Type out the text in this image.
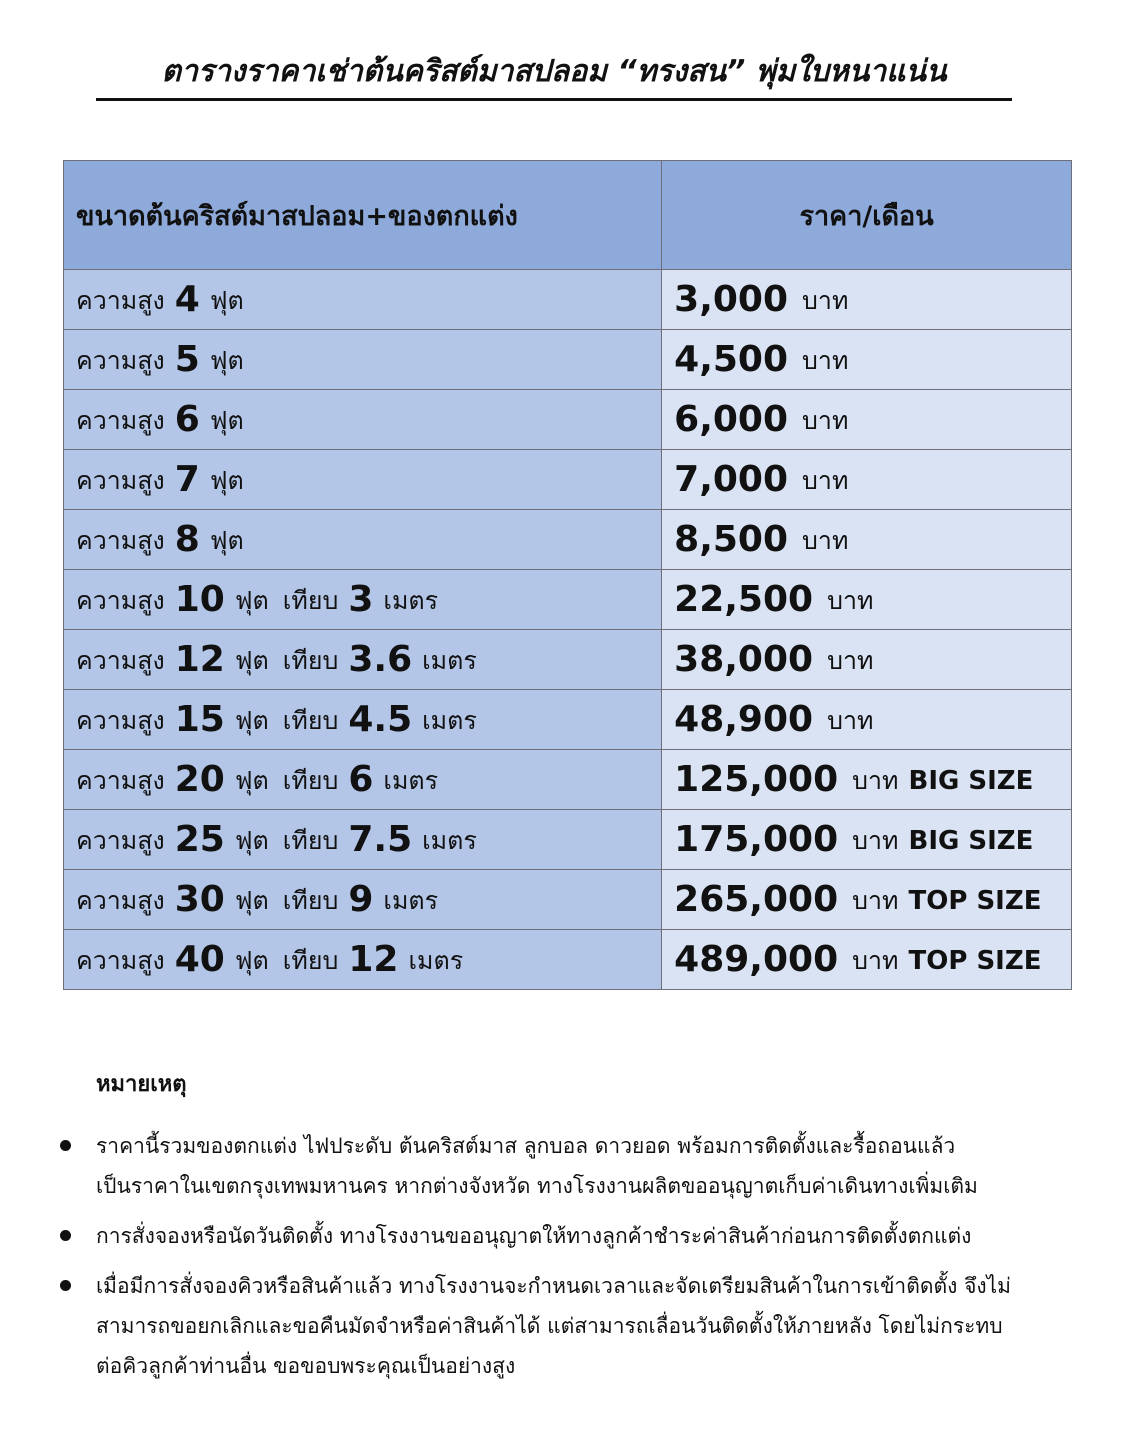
ตารางราคาเช่าต้นคริสต์มาสปลอม “ทรงสน” พุ่มใบหนาแน่น
ขนาดต้นคริสต์มาสปลอม+ของตกแต่ง	ราคา/เดือน
ความสูง 4 ฟุต	3,000 บาท
ความสูง 5 ฟุต	4,500 บาท
ความสูง 6 ฟุต	6,000 บาท
ความสูง 7 ฟุต	7,000 บาท
ความสูง 8 ฟุต	8,500 บาท
ความสูง 10 ฟุต เทียบ 3 เมตร	22,500 บาท
ความสูง 12 ฟุต เทียบ 3.6 เมตร	38,000 บาท
ความสูง 15 ฟุต เทียบ 4.5 เมตร	48,900 บาท
ความสูง 20 ฟุต เทียบ 6 เมตร	125,000 บาท BIG SIZE
ความสูง 25 ฟุต เทียบ 7.5 เมตร	175,000 บาท BIG SIZE
ความสูง 30 ฟุต เทียบ 9 เมตร	265,000 บาท TOP SIZE
ความสูง 40 ฟุต เทียบ 12 เมตร	489,000 บาท TOP SIZE
หมายเหตุ
ราคานี้รวมของตกแต่ง ไฟประดับ ต้นคริสต์มาส ลูกบอล ดาวยอด พร้อมการติดตั้งและรื้อถอนแล้ว
เป็นราคาในเขตกรุงเทพมหานคร หากต่างจังหวัด ทางโรงงานผลิตขออนุญาตเก็บค่าเดินทางเพิ่มเติม
การสั่งจองหรือนัดวันติดตั้ง ทางโรงงานขออนุญาตให้ทางลูกค้าชำระค่าสินค้าก่อนการติดตั้งตกแต่ง
เมื่อมีการสั่งจองคิวหรือสินค้าแล้ว ทางโรงงานจะกำหนดเวลาและจัดเตรียมสินค้าในการเข้าติดตั้ง จึงไม่
สามารถขอยกเลิกและขอคืนมัดจำหรือค่าสินค้าได้ แต่สามารถเลื่อนวันติดตั้งให้ภายหลัง โดยไม่กระทบ
ต่อคิวลูกค้าท่านอื่น ขอขอบพระคุณเป็นอย่างสูง
